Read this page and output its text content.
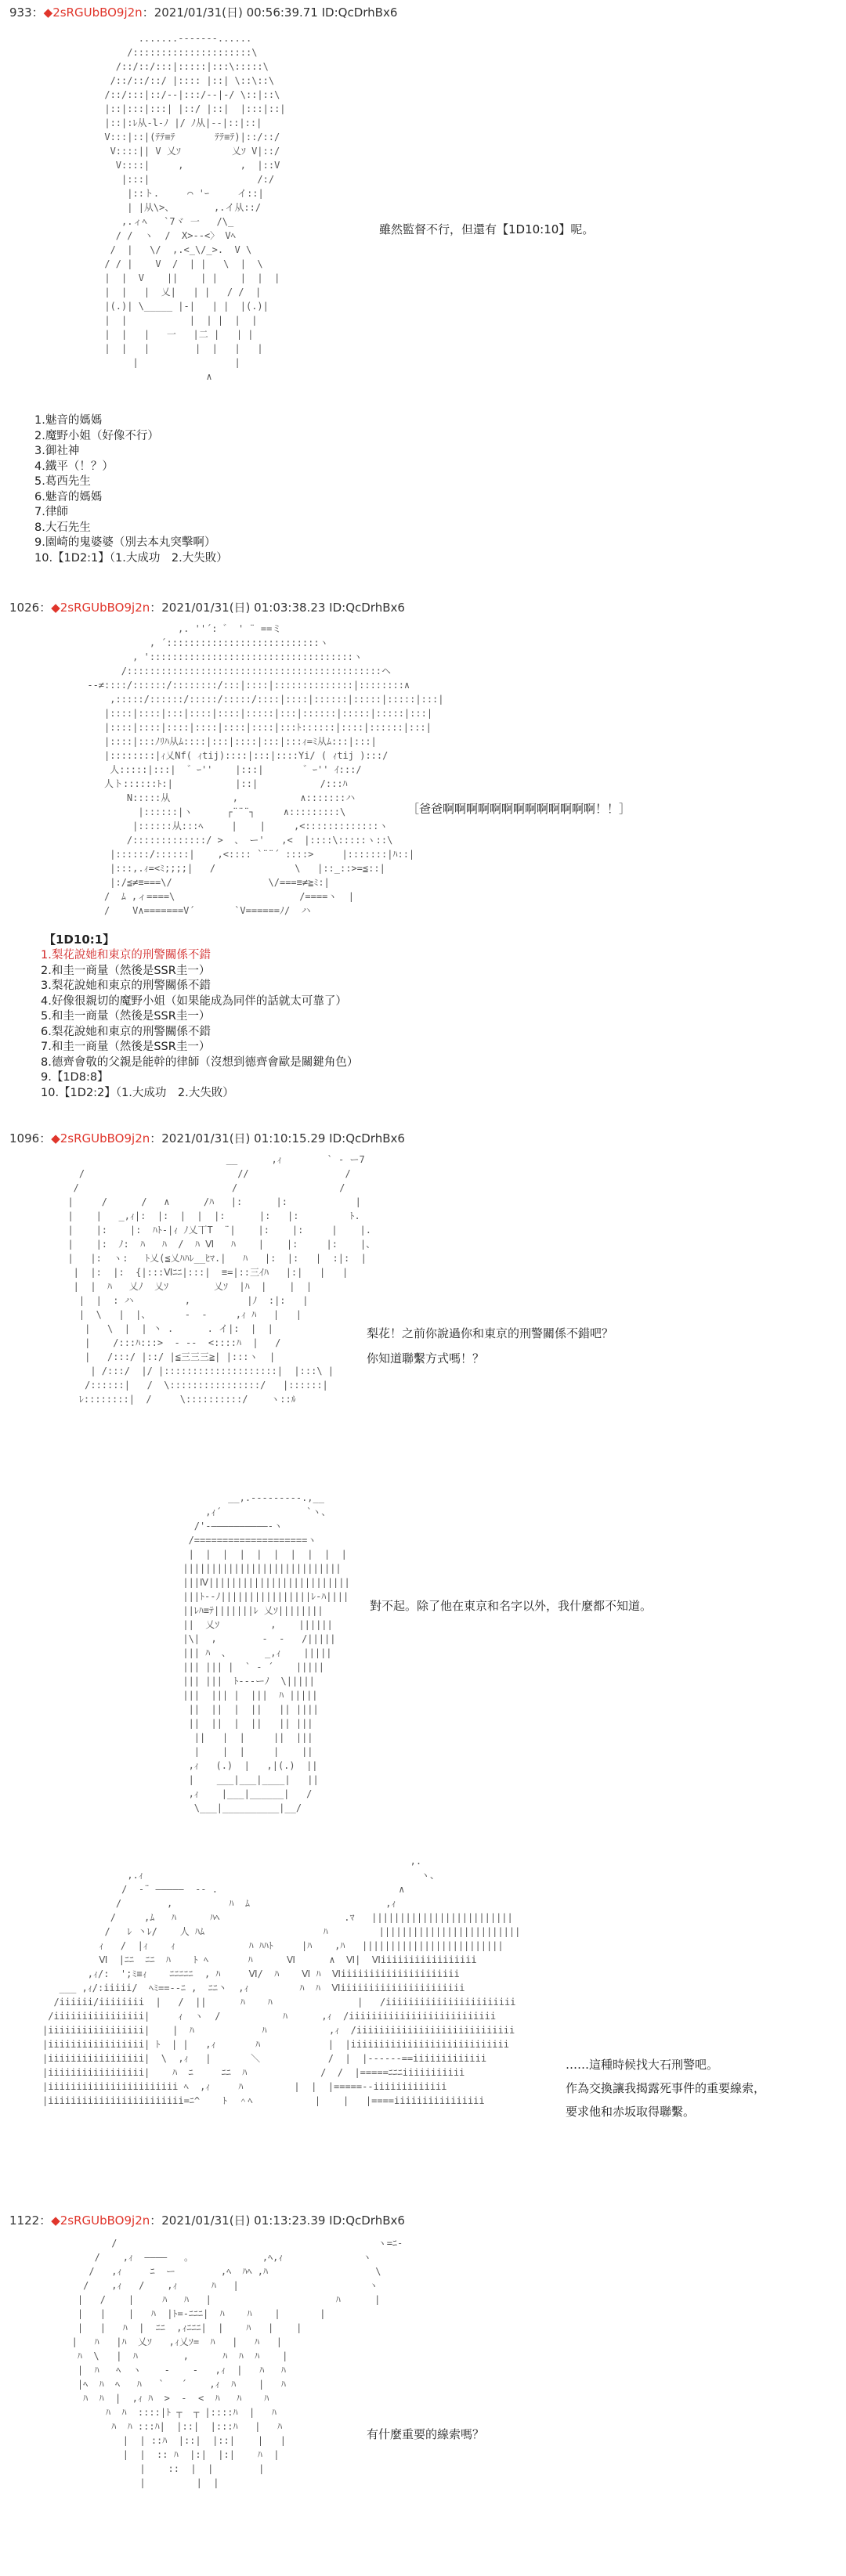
933：◆2sRGUbBO9j2n：2021/01/31(日) 00:56:39.71 ID:QcDrhBx6
.......-------......
/:::::::::::::::::::::\
/::/::/:::|:::::|:::\:::::\
/::/::/::/ |:::: |::| \::\::\
/::/:::|::/--|:::/--|-/ \::|::\
|::|:::|:::| |::/ |::|  |:::|::|
|::|:ﾚ从-l-ﾉ |/ ﾉ从|--|::|::|
V:::|::|(ﾃﾃ≡ﾃ       ﾃﾃ≡ﾃ)|::/::/
V::::|| V 乂ｿ         乂ｿ V|::/
V::::|     ,          ,  |::V
|:::|                   /:/
|::ト.     ⌒ 'ｰ     イ::|
| |从\>、       ,.イ从::/
,.ィﾍ   `7ヾ 一   /\_
/ /  ヽ  /  X>--<〉 Vﾍ
/  |   \/  ,.<_\/_>.  V \
/ / |    V  /  | |   \  |  \
|  |  V    ||    | |    |  |  |
|  |   |  乂|   | |   / /  |
|(.)| \_____ |-|   | |  |(.)|
|  |           |  | |  |  |
|  |   |   一   |二 |   | |
|  |   |        |  |   |   |
|                 |
∧
雖然監督不行，但還有【1D10:10】呢。
1.魅音的媽媽
2.魔野小姐（好像不行）
3.御社神
4.鐵平（！？）
5.葛西先生
6.魅音的媽媽
7.律師
8.大石先生
9.園崎的鬼婆婆（別去本丸突擊啊）
10.【1D2:1】（1.大成功　2.大失敗）
1026：◆2sRGUbBO9j2n：2021/01/31(日) 01:03:38.23 ID:QcDrhBx6
,. ''´: ゛ ' ¨ ==ミ
, ´:::::::::::::::::::::::::::ヽ
, '::::::::::::::::::::::::::::::::::::ヽ
/:::::::::::::::::::::::::::::::::::::::::::::ヘ
--≠::::/::::::/::::::::/:::|::::|::::::::::::::|::::::::∧
,:::::/::::::/:::::/:::::/::::|::::|::::::|:::::|:::::|:::|
|::::|::::|:::|::::|::::|:::::|:::|::::::|:::::|:::::|:::|
|::::|::::|::::|::::|::::|::::|:::ﾄ::::::|::::|::::::|:::|
|::::|:::ﾉﾘﾊ从ﾑ::::|:::|::::|:::|:::ｨ=ﾐ从ﾑ:::|:::|
|::::::::|ｨ乂Nf( ｨtij)::::|:::|::::Yi/ ( ｨtij ):::/
人:::::|:::|  ゛ｰ''    |:::|       ゛ｰ'' ｲ:::/
人ト::::::ﾄ:|           |::|           /:::ﾊ
N:::::从           ,           ∧:::::::ハ
|::::::|ヽ      ┌¨¨¨┐     ∧:::::::::\
|::::::从:::ﾍ     |    |     ,<:::::::::::::ヽ
/:::::::::::::/ >  、 ー'   ,<  |::::\:::::ヽ::\
|::::::/::::::|    ,<:::: `¨¨´ ::::>     |:::::::|ﾊ::|
|:::,.ｨ=<ﾐ;;;;|   /              \   |::_::>=≦::|
|:/≦≠≡===\/                 \/===≡≠≧ﾐ:|
/  ﾑ ,ィ====\                      /====ヽ  |
/    V∧=======V´       `V======ﾉ/  ハ
［爸爸啊啊啊啊啊啊啊啊啊啊啊啊啊！！］
【1D10:1】
1.梨花說她和東京的刑警關係不錯
2.和圭一商量（然後是SSR圭一）
3.梨花說她和東京的刑警關係不錯
4.好像很親切的魔野小姐（如果能成為同伴的話就太可靠了）
5.和圭一商量（然後是SSR圭一）
6.梨花說她和東京的刑警關係不錯
7.和圭一商量（然後是SSR圭一）
8.德齊會敬的父親是能幹的律師（沒想到德齊會歐是關鍵角色）
9.【1D8:8】
10.【1D2:2】（1.大成功　2.大失敗）
1096：◆2sRGUbBO9j2n：2021/01/31(日) 01:10:15.29 ID:QcDrhBx6
__      ,ｨ        ` - ー7
/                           //                 /
/                           /                  /
|     /      /   ∧      /ﾊ   |:      |:            |
|    |   _,ｨ|:  |:  |  |  |:      |:   |:         ﾄ.
|    |:    |:  ﾊﾄ-|ｨ ﾉ乂丅T  ¨|    |:    |:     |    |.
|    |:  ﾉ:  ﾊ   ﾊ  /  ﾊ Ⅵ   ﾊ    |    |:     |:    |、
|   |:  ヽ:   ﾄ乂(≦乂ﾊﾊﾚ__ﾋﾏ.|   ﾊ   |:  |:   |  :|:  |
|  |:  |:  {|:::Ⅵﾆﾆ|:::|  ≡=|::三ｲﾊ   |:|   |   |
|  |  ﾊ   乂ﾉ  乂ｿ        乂ｿ  |ﾊ  |    |  |
|  |  : ハ         ,          |ﾉ  :|:   |
|  \   |  |、      ‐  ‐     ,ｨ ﾊ   |   |
|   \  |  | 丶 .      . イ|:  |  |
|    /:::ﾊ:::>  ‐ -‐  <::::ﾊ  |   /
|   /:::/ |::/ |≦三三三≧| |:::ヽ  |
| /:::/  |/ |::::::::::::::::::::|  |:::\ |
/::::::|   /  \::::::::::::::::/   |::::::|
ﾚ::::::::|  /     \::::::::::/    ヽ::ﾙ
梨花！之前你說過你和東京的刑警關係不錯吧？
你知道聯繫方式嗎！？
__,.---------.,__
,ｨ´               `ヽ、
/'‐――――――――――‐ヽ
/====================ヽ
|  |  |  |  |  |  |  |  |  |
||||||||||||||||||||||||||||
|||Ⅳ|||||||||||||||||||||||||
|||ﾄ--ﾉ||||||||||||||||ﾚ-ﾊ||||
||ﾚﾊ≡ﾃ|||||||ﾚ 乂ｿ||||||||
||  乂ｿ         ,    ||||||
|\|  ,        ‐  ‐   /|||||
||| ﾊ  、      _,ｨ    |||||
||| ||| |  ` ‐ ´    |||||
||| |||  ﾄ--‐ーﾉ  \|||||
|||  ||| |  |||  ﾊ |||||
||  ||  |  ||   || ||||
||  ||  |  ||   || |||
||   |  |     ||  |||
|    |  |     |    ||
,ｨ   (.)  |   ,|(.)  ||
|    ___|___|____|   ||
,ｨ    |___|______|   /
\___|__________|__/
對不起。除了他在東京和名字以外，我什麼都不知道。
,.
,.ｨ                                                 ヽ、
/  ‐¨ ―――――  -- .                                ∧
/        ,          ﾊ  ﾑ                        ,ｨ
/     ,ﾑ   ﾊ      ﾊﾍ                      .ﾏ   |||||||||||||||||||||||||
/   ﾚ 丶ﾚ/    人 ﾊﾑ                     ﾊ         |||||||||||||||||||||||||
ｨ   /  |ｨ    ｨ             ﾊ ﾊﾊﾄ     |ﾊ    ,ﾊ   |||||||||||||||||||||||||
Ⅵ  |ﾆﾆ  ﾆﾆ  ﾊ    ﾄ ﾍ       ﾊ      Ⅵ      ∧  Ⅵ|  Ⅵiiiiiiiiiiiiiiiii
,ｨ/:  ';ﾐ≡ｨ    ﾆﾆﾆﾆﾆ  , ﾊ     Ⅵ/  ﾊ    Ⅵ ﾊ  Ⅵiiiiiiiiiiiiiiiiiiiii
___ ,ｨ/:iiiii/  ﾍﾐ==--ﾆ ,  ﾆﾆ丶  ,ｨ         ﾊ  ﾊ  Ⅵiiiiiiiiiiiiiiiiiiiiii
/iiiiii/iiiiiiii  |   /  ||      ﾊ    ﾊ               |   /iiiiiiiiiiiiiiiiiiiiiii
/iiiiiiiiiiiiiiii|     ｨ  ヽ  /           ﾊ      ,ｨ  /iiiiiiiiiiiiiiiiiiiiiiiiii
|iiiiiiiiiiiiiiiii|    |  ﾊ            ﾊ           ,ｨ  /iiiiiiiiiiiiiiiiiiiiiiiiiiii
|iiiiiiiiiiiiiiiii| ﾄ  | |   ,ｨ       ﾊ            |  |iiiiiiiiiiiiiiiiiiiiiiiiiiii
|iiiiiiiiiiiiiiiii|  \  ,ｨ   |       ＼            /  |  |------==iiiiiiiiiiiii
|iiiiiiiiiiiiiiiii|    ﾊ  ﾆ     ﾆﾆ  ﾊ             /  /  |=====ﾆﾆﾆiiiiiiiiiii
|iiiiiiiiiiiiiiiiiiiiiii ﾍ  ,ｨ     ﾊ         |  |  |=====--iiiiiiiiiiiii
|iiiiiiiiiiiiiiiiiiiiiiii=ﾆ^    ﾄ  ＾ﾍ           |    |   |====iiiiiiiiiiiiiiii
……這種時候找大石刑警吧。
作為交換讓我揭露死事件的重要線索，
要求他和赤坂取得聯繫。
1122：◆2sRGUbBO9j2n：2021/01/31(日) 01:13:23.39 ID:QcDrhBx6
/                                              ヽ=ﾆ-
/    ,ｨ  ――――   ｡             ,ﾍ,ｨ              ヽ
/   ,ｨ     ﾆ  ー        ,ﾍ  ﾊﾍ ,ﾊ                   \
/    ,ｨ   /    ,ｨ      ﾊ   |                       ヽ
|   /    |     ﾊ   ﾊ   |                      ﾊ      |
|   |    |   ﾊ  |ﾄ=‐ﾆﾆﾆ|  ﾊ    ﾊ    |       |
|   |   ﾊ  |  ﾆﾆ  ,ｨﾆﾆﾆ|  |    ﾊ   |    |
|   ﾊ   |ﾊ  乂ｿ   ,ｨ乂ｿ=  ﾊ   |   ﾊ   |
ﾊ  \   |  ﾊ        ,      ﾊ  ﾊ  ﾊ    |
|  ﾊ   ﾍ  ヽ    ‐    ‐   ,ｨ  |   ﾊ   ﾊ
|ﾍ  ﾊ  ﾍ   ﾊ   `   ´    ,ｨ  ﾊ    |   ﾊ
ﾊ  ﾊ  |  ,ｨ ﾊ  >  ‐  <  ﾊ   ﾊ    ﾊ
ﾊ  ﾊ  ::::|ﾄ ┬  ┬ |::::ﾊ  |   ﾊ
ﾊ  ﾊ :::ﾊ|  |::|  |:::ﾊ   |   ﾊ
|  | ::ﾊ  |::|  |::|    |   |
|  |  :: ﾊ  |:|  |:|    ﾊ  |
|    ::  |  |        |
|         |  |
有什麼重要的線索嗎？
